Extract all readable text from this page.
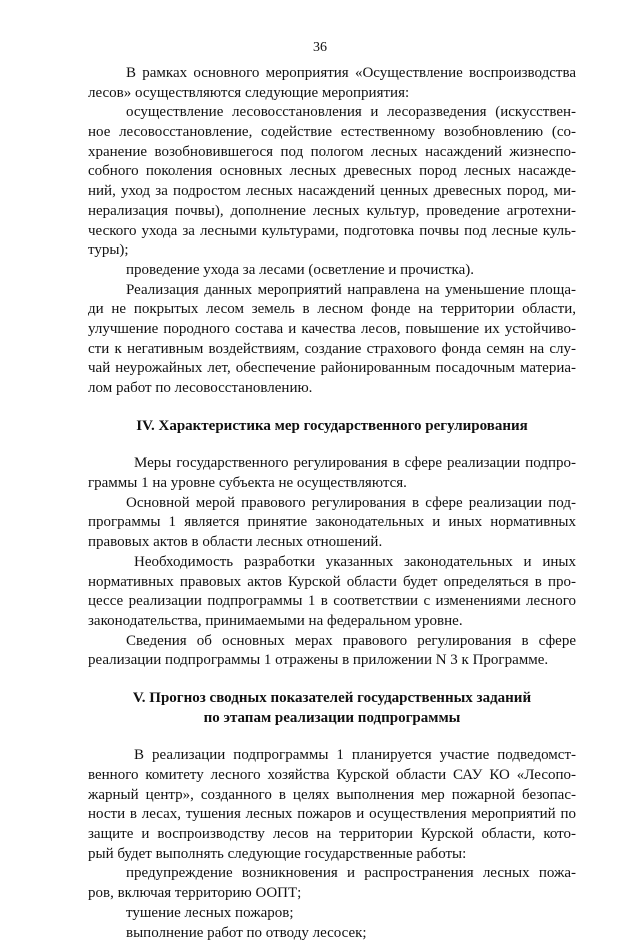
36
В рамках основного мероприятия «Осуществление воспроизводства
лесов» осуществляются следующие мероприятия:
осуществление лесовосстановления и лесоразведения (искусствен-
ное лесовосстановление, содействие естественному возобновлению (со-
хранение возобновившегося под пологом лесных насаждений жизнеспо-
собного поколения основных лесных древесных пород лесных насажде-
ний, уход за подростом лесных насаждений ценных древесных пород, ми-
нерализация почвы), дополнение лесных культур, проведение агротехни-
ческого ухода за лесными культурами, подготовка почвы под лесные куль-
туры);
проведение ухода за лесами (осветление и прочистка).
Реализация данных мероприятий направлена на уменьшение площа-
ди не покрытых лесом земель в лесном фонде на территории области,
улучшение породного состава и качества лесов, повышение их устойчиво-
сти к негативным воздействиям, создание страхового фонда семян на слу-
чай неурожайных лет, обеспечение районированным посадочным материа-
лом работ по лесовосстановлению.
IV. Характеристика мер государственного регулирования
Меры государственного регулирования в сфере реализации подпро-
граммы 1 на уровне субъекта не осуществляются.
Основной мерой правового регулирования в сфере реализации под-
программы 1 является принятие законодательных и иных нормативных
правовых актов в области лесных отношений.
Необходимость разработки указанных законодательных и иных
нормативных правовых актов Курской области будет определяться в про-
цессе реализации подпрограммы 1 в соответствии с изменениями лесного
законодательства, принимаемыми на федеральном уровне.
Сведения об основных мерах правового регулирования в сфере
реализации подпрограммы 1 отражены в приложении N 3 к Программе.
V. Прогноз сводных показателей государственных заданий
по этапам реализации подпрограммы
В реализации подпрограммы 1 планируется участие подведомст-
венного комитету лесного хозяйства Курской области САУ КО «Лесопо-
жарный центр», созданного в целях выполнения мер пожарной безопас-
ности в лесах, тушения лесных пожаров и осуществления мероприятий по
защите и воспроизводству лесов на территории Курской области, кото-
рый будет выполнять следующие государственные работы:
предупреждение возникновения и распространения лесных пожа-
ров, включая территорию ООПТ;
тушение лесных пожаров;
выполнение работ по отводу лесосек;
